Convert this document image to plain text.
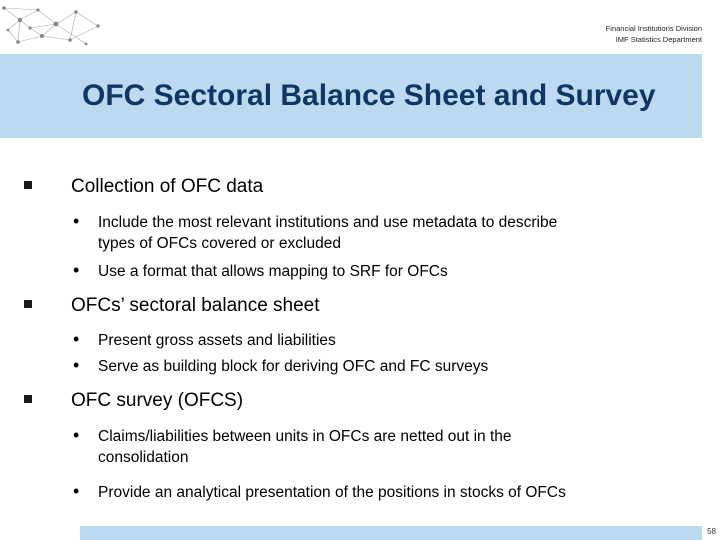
Financial Institutions Division
IMF Statistics Department
OFC Sectoral Balance Sheet and Survey
Collection of OFC data
• Include the most relevant institutions and use metadata to describe
types of OFCs covered or excluded
• Use a format that allows mapping to SRF for OFCs
OFCs’ sectoral balance sheet
• Present gross assets and liabilities
• Serve as building block for deriving OFC and FC surveys
OFC survey (OFCS)
• Claims/liabilities between units in OFCs are netted out in the
consolidation
• Provide an analytical presentation of the positions in stocks of OFCs
58
